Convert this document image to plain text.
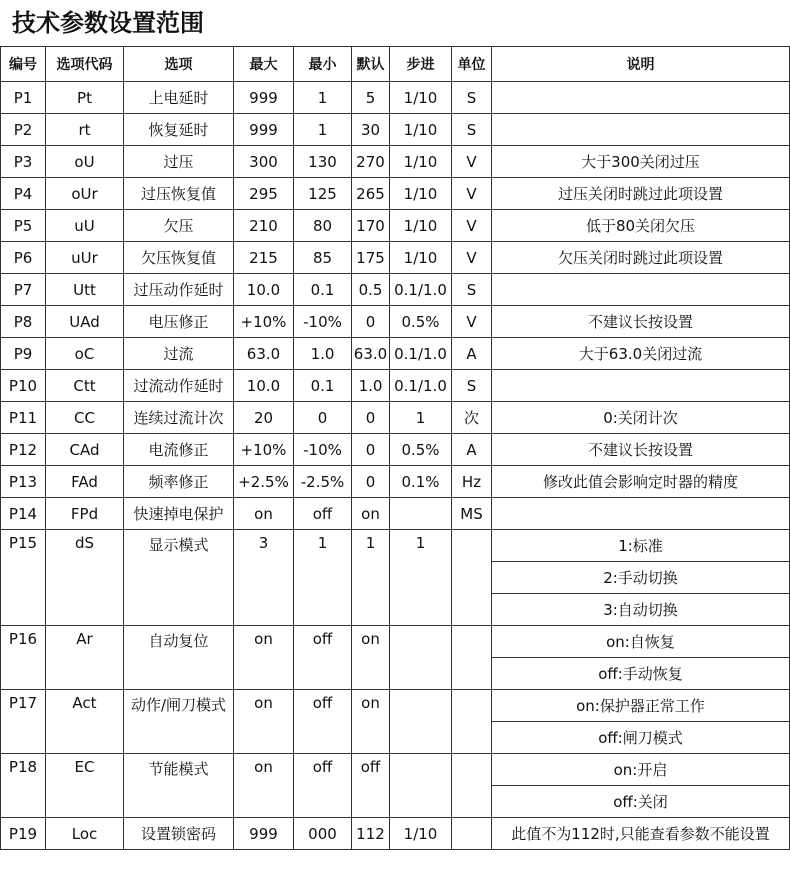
技术参数设置范围
编号	选项代码	选项	最大	最小	默认	步进	单位	说明
P1	Pt	上电延时	999	1	5	1/10	S	
P2	rt	恢复延时	999	1	30	1/10	S	
P3	oU	过压	300	130	270	1/10	V	大于300关闭过压
P4	oUr	过压恢复值	295	125	265	1/10	V	过压关闭时跳过此项设置
P5	uU	欠压	210	80	170	1/10	V	低于80关闭欠压
P6	uUr	欠压恢复值	215	85	175	1/10	V	欠压关闭时跳过此项设置
P7	Utt	过压动作延时	10.0	0.1	0.5	0.1/1.0	S	
P8	UAd	电压修正	+10%	-10%	0	0.5%	V	不建议长按设置
P9	oC	过流	63.0	1.0	63.0	0.1/1.0	A	大于63.0关闭过流
P10	Ctt	过流动作延时	10.0	0.1	1.0	0.1/1.0	S	
P11	CC	连续过流计次	20	0	0	1	次	0:关闭计次
P12	CAd	电流修正	+10%	-10%	0	0.5%	A	不建议长按设置
P13	FAd	频率修正	+2.5%	-2.5%	0	0.1%	Hz	修改此值会影响定时器的精度
P14	FPd	快速掉电保护	on	off	on		MS	
P15	dS	显示模式	3	1	1	1		1:标准
								2:手动切换
								3:自动切换
P16	Ar	自动复位	on	off	on			on:自恢复
								off:手动恢复
P17	Act	动作/闸刀模式	on	off	on			on:保护器正常工作
								off:闸刀模式
P18	EC	节能模式	on	off	off			on:开启
								off:关闭
P19	Loc	设置锁密码	999	000	112	1/10		此值不为112时,只能查看参数不能设置
